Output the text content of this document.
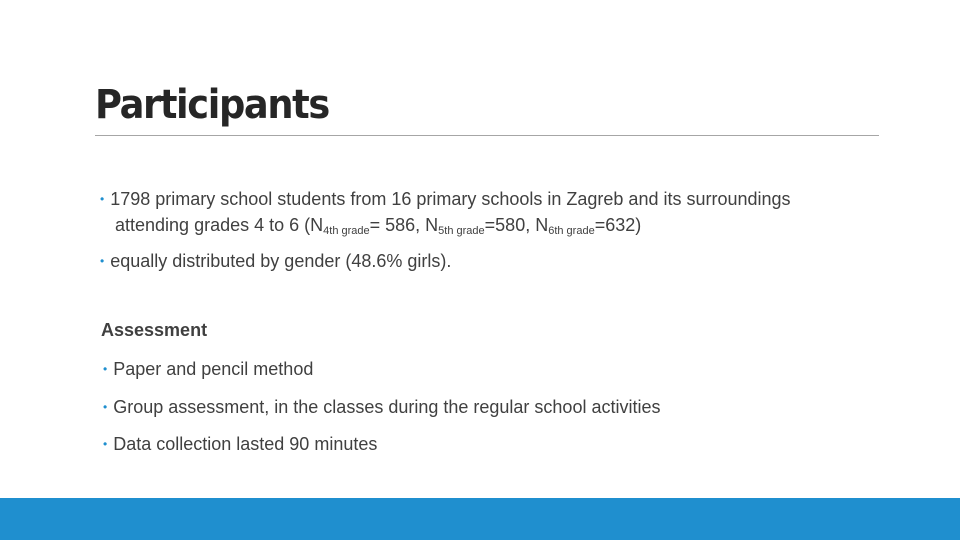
Participants
• 1798 primary school students from 16 primary schools in Zagreb and its surroundings
attending grades 4 to 6 ($N_{4th grade}= 586$, $N_{5th grade}=580$, $N_{6th grade}=632$)
• equally distributed by gender (48.6% girls).
Assessment
• Paper and pencil method
• Group assessment, in the classes during the regular school activities
• Data collection lasted 90 minutes
